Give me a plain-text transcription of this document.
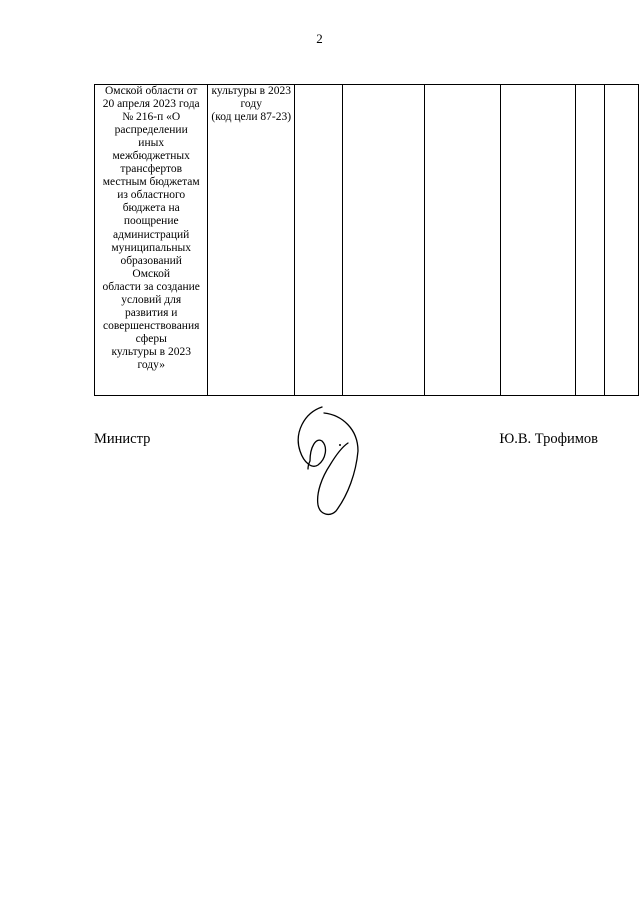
2
Омской области от
20 апреля 2023 года
№ 216-п «О
распределении
иных
межбюджетных
трансфертов
местным бюджетам
из областного
бюджета на
поощрение
администраций
муниципальных
образований
Омской
области за создание
условий для
развития и
совершенствования
сферы
культуры в 2023
году»	культуры в 2023
году
(код цели 87-23)						
Министр	Ю.В. Трофимов
